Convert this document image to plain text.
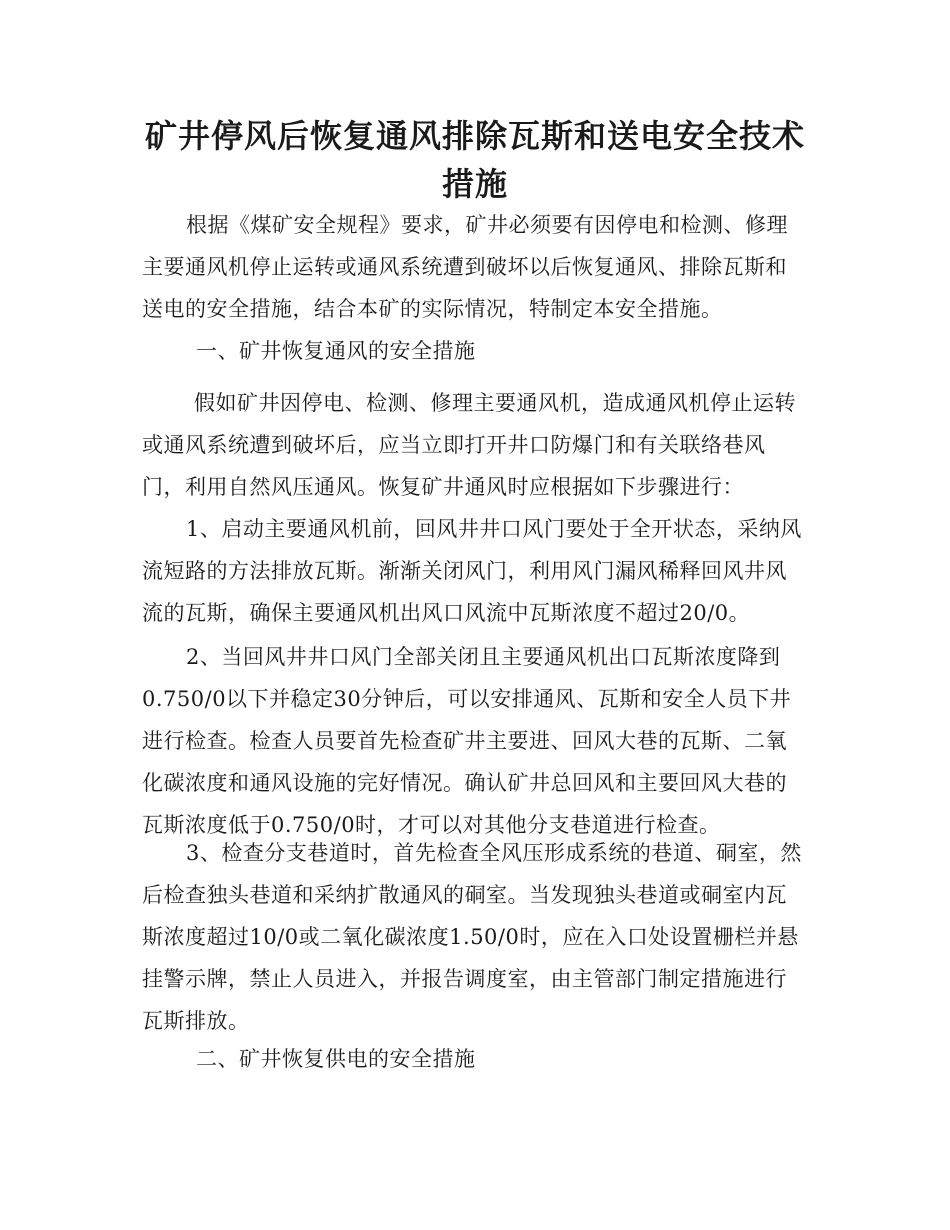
矿井停风后恢复通风排除瓦斯和送电安全技术措施

根据《煤矿安全规程》要求，矿井必须要有因停电和检测、修理主要通风机停止运转或通风系统遭到破坏以后恢复通风、排除瓦斯和送电的安全措施，结合本矿的实际情况，特制定本安全措施。

一、矿井恢复通风的安全措施

假如矿井因停电、检测、修理主要通风机，造成通风机停止运转或通风系统遭到破坏后，应当立即打开井口防爆门和有关联络巷风门，利用自然风压通风。恢复矿井通风时应根据如下步骤进行：

1、启动主要通风机前，回风井井口风门要处于全开状态，采纳风流短路的方法排放瓦斯。渐渐关闭风门，利用风门漏风稀释回风井风流的瓦斯，确保主要通风机出风口风流中瓦斯浓度不超过20/0。

2、当回风井井口风门全部关闭且主要通风机出口瓦斯浓度降到0.750/0以下并稳定30分钟后，可以安排通风、瓦斯和安全人员下井进行检查。检查人员要首先检查矿井主要进、回风大巷的瓦斯、二氧化碳浓度和通风设施的完好情况。确认矿井总回风和主要回风大巷的瓦斯浓度低于0.750/0时，才可以对其他分支巷道进行检查。

3、检查分支巷道时，首先检查全风压形成系统的巷道、硐室，然后检查独头巷道和采纳扩散通风的硐室。当发现独头巷道或硐室内瓦斯浓度超过10/0或二氧化碳浓度1.50/0时，应在入口处设置栅栏并悬挂警示牌，禁止人员进入，并报告调度室，由主管部门制定措施进行瓦斯排放。

二、矿井恢复供电的安全措施
